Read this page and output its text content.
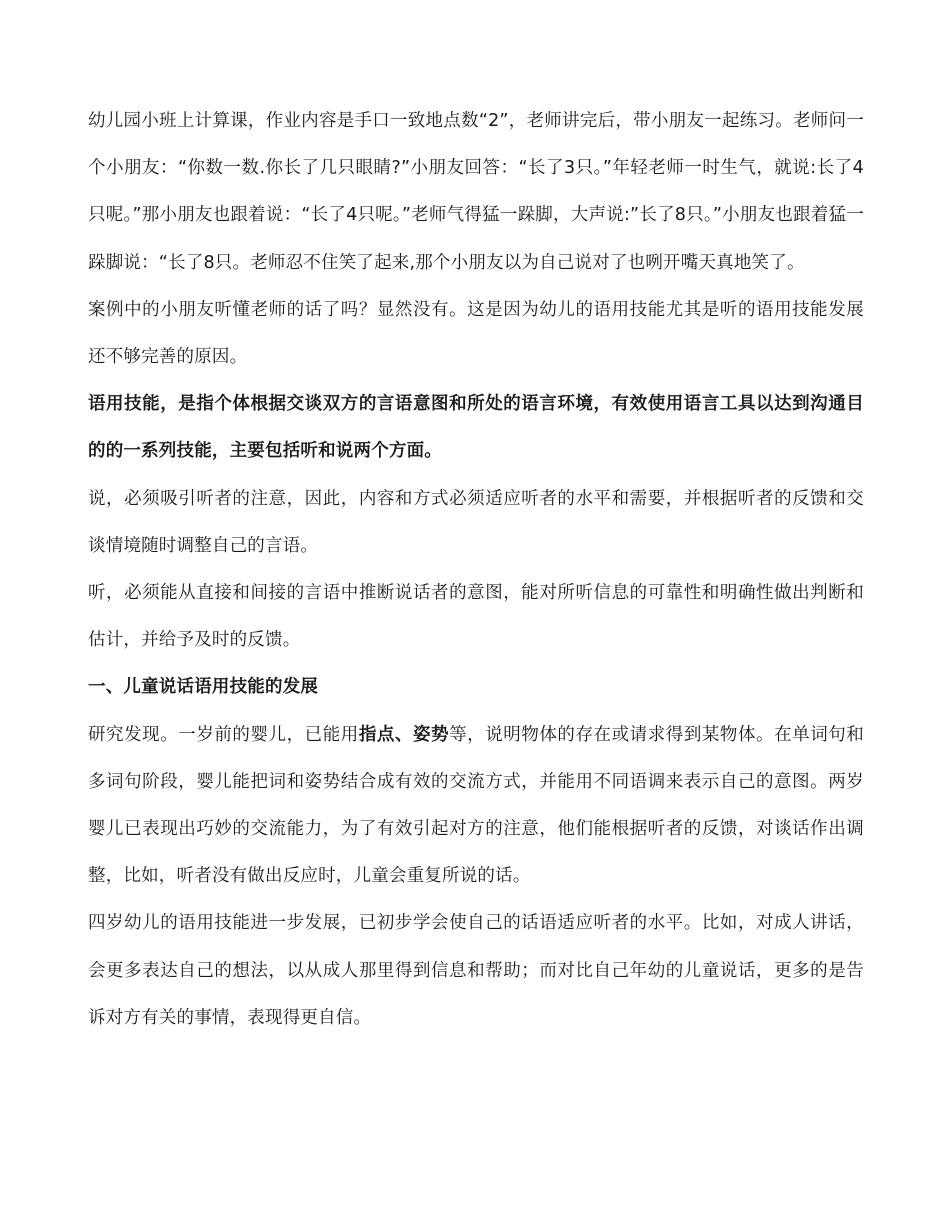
幼儿园小班上计算课，作业内容是手口一致地点数“2”，老师讲完后，带小朋友一起练习。老师问一个小朋友：“你数一数.你长了几只眼睛?”小朋友回答：“长了3只。”年轻老师一时生气，就说:长了4只呢。”那小朋友也跟着说：“长了4只呢。”老师气得猛一跺脚，大声说:”长了8只。”小朋友也跟着猛一跺脚说：“长了8只。老师忍不住笑了起来,那个小朋友以为自己说对了也咧开嘴天真地笑了。

案例中的小朋友听懂老师的话了吗？显然没有。这是因为幼儿的语用技能尤其是听的语用技能发展还不够完善的原因。

语用技能，是指个体根据交谈双方的言语意图和所处的语言环境，有效使用语言工具以达到沟通目的的一系列技能，主要包括听和说两个方面。

说，必须吸引听者的注意，因此，内容和方式必须适应听者的水平和需要，并根据听者的反馈和交谈情境随时调整自己的言语。

听，必须能从直接和间接的言语中推断说话者的意图，能对所听信息的可靠性和明确性做出判断和估计，并给予及时的反馈。

一、儿童说话语用技能的发展

研究发现。一岁前的婴儿，已能用指点、姿势等，说明物体的存在或请求得到某物体。在单词句和多词句阶段，婴儿能把词和姿势结合成有效的交流方式，并能用不同语调来表示自己的意图。两岁婴儿已表现出巧妙的交流能力，为了有效引起对方的注意，他们能根据听者的反馈，对谈话作出调整，比如，听者没有做出反应时，儿童会重复所说的话。

四岁幼儿的语用技能进一步发展，已初步学会使自己的话语适应听者的水平。比如，对成人讲话，会更多表达自己的想法，以从成人那里得到信息和帮助；而对比自己年幼的儿童说话，更多的是告诉对方有关的事情，表现得更自信。
